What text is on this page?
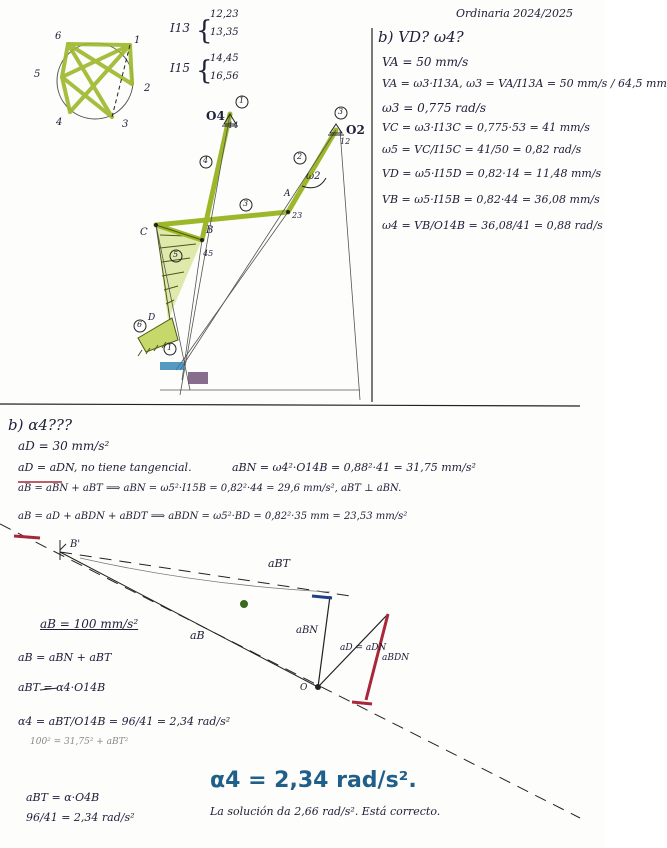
Ordinaria 2024/2025
6	1
5
2
4	3
I13 {
12,23
13,35
I15 {
14,45
16,56
O4
1
14
3
O2
12
4	2
ω2
A
3
23
C	B
45
5
6
D
1
b) VD? ω4?
VA = 50 mm/s
VA = ω3·I13A, ω3 = VA/I13A = 50 mm/s / 64,5 mm
ω3 = 0,775 rad/s
VC = ω3·I13C = 0,775·53 = 41 mm/s
ω5 = VC/I15C = 41/50 = 0,82 rad/s
VD = ω5·I15D = 0,82·14 = 11,48 mm/s
VB = ω5·I15B = 0,82·44 = 36,08 mm/s
ω4 = VB/O14B = 36,08/41 = 0,88 rad/s
b) α4???
aD = 30 mm/s²
aD = aDN, no tiene tangencial.	aBN = ω4²·O14B = 0,88²·41 = 31,75 mm/s²
aB = aBN + aBT ⟹ aBN = ω5²·I15B = 0,82²·44 = 29,6 mm/s², aBT ⊥ aBN.
aB = aD + aBDN + aBDT ⟹ aBDN = ω5²·BD = 0,82²·35 mm = 23,53 mm/s²
B'
aBT
aBN
aB
aD = aDN
aBDN
O
aB = 100 mm/s²
aB = aBN + aBT
aBT = α4·O14B
α4 = aBT/O14B = 96/41 = 2,34 rad/s²
100² = 31,75² + aBT²
aBT = α·O4B
96/41 = 2,34 rad/s²
α4 = 2,34 rad/s².
La solución da 2,66 rad/s². Está correcto.
